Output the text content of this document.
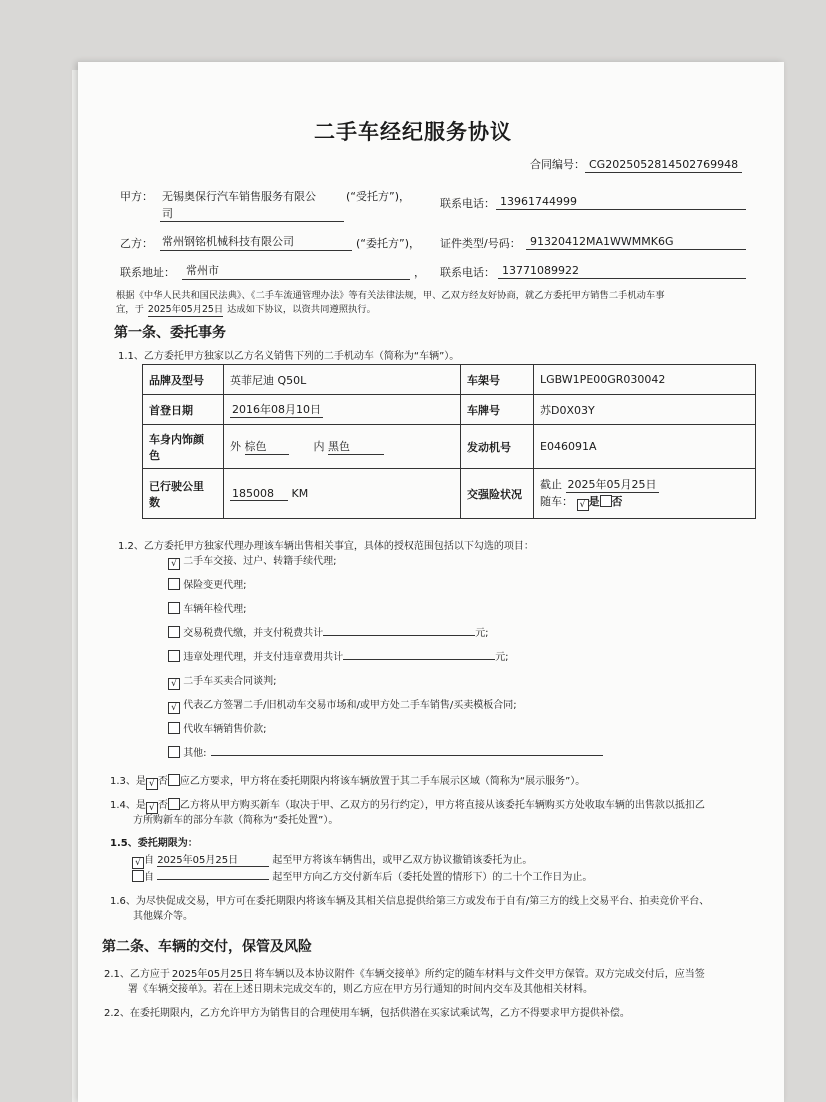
二手车经纪服务协议
合同编号： CG2025052814502769948
甲方： 无锡奥保行汽车销售服务有限公
司
(“受托方”)，
联系电话： 13961744999
乙方： 常州钢铭机械科技有限公司	(“委托方”)， 证件类型/号码： 91320412MA1WWMMK6G
联系地址： 常州市	， 联系电话： 13771089922
根据《中华人民共和国民法典》、《二手车流通管理办法》等有关法律法规，甲、乙双方经友好协商，就乙方委托甲方销售二手机动车事
宜，于 2025年05月25日 达成如下协议，以资共同遵照执行。
第一条、委托事务
1.1、乙方委托甲方独家以乙方名义销售下列的二手机动车（简称为“车辆”）。
品牌及型号	英菲尼迪 Q50L	车架号	LGBW1PE00GR030042
首登日期	2016年08月10日	车牌号	苏D0X03Y
车身内饰颜
色	外 棕色 内 黑色	发动机号	E046091A
已行驶公里
数	185008 KM	交强险状况	截止 2025年05月25日
随车： √ 是 否
1.2、乙方委托甲方独家代理办理该车辆出售相关事宜，具体的授权范围包括以下勾选的项目：
√ 二手车交接、过户、转籍手续代理;
保险变更代理;
车辆年检代理;
交易税费代缴，并支付税费共计	元;
违章处理代理，并支付违章费用共计	元;
√ 二手车买卖合同谈判;
√ 代表乙方签署二手/旧机动车交易市场和/或甲方处二手车销售/买卖模板合同;
代收车辆销售价款;
其他:
1.3、是 √ 否 应乙方要求，甲方将在委托期限内将该车辆放置于其二手车展示区域（简称为“展示服务”）。
1.4、是 √ 否 乙方将从甲方购买新车（取决于甲、乙双方的另行约定），甲方将直接从该委托车辆购买方处收取车辆的出售款以抵扣乙
方所购新车的部分车款（简称为“委托处置”）。
1.5、委托期限为：
√ 自 2025年05月25日	起至甲方将该车辆售出，或甲乙双方协议撤销该委托为止。
自	起至甲方向乙方交付新车后（委托处置的情形下）的二十个工作日为止。
1.6、为尽快促成交易，甲方可在委托期限内将该车辆及其相关信息提供给第三方或发布于自有/第三方的线上交易平台、拍卖竞价平台、
其他媒介等。
第二条、车辆的交付，保管及风险
2.1、乙方应于 2025年05月25日 将车辆以及本协议附件《车辆交接单》所约定的随车材料与文件交甲方保管。双方完成交付后，应当签
署《车辆交接单》。若在上述日期未完成交车的，则乙方应在甲方另行通知的时间内交车及其他相关材料。
2.2、在委托期限内，乙方允许甲方为销售目的合理使用车辆，包括供潜在买家试乘试驾，乙方不得要求甲方提供补偿。
